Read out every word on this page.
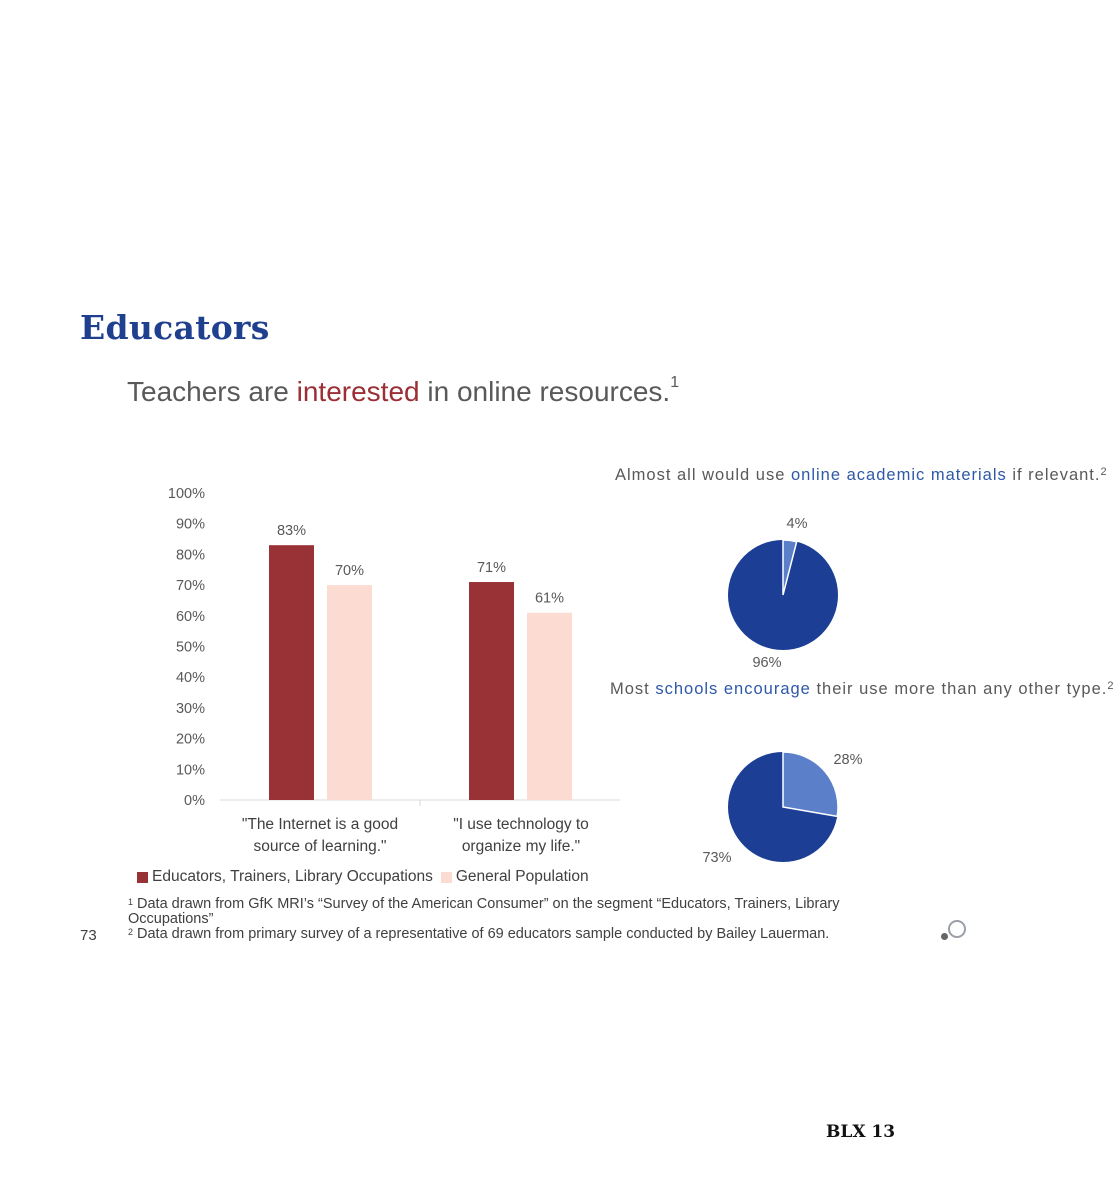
Educators
Teachers are interested in online resources.$^1$
0%
10%
20%
30%
40%
50%
60%
70%
80%
90%
100%
83%
71%
70%
61%
"The Internet is a good
source of learning."
"I use technology to
organize my life."
96%
4%
73%
28%
Almost all would use online academic materials if relevant.$^2$
Most schools encourage their use more than any other type.$^2$
Educators, Trainers, Library Occupations General Population
$^1$ Data drawn from GfK MRI’s “Survey of the American Consumer” on the segment “Educators, Trainers, Library Occupations”
73	$^2$ Data drawn from primary survey of a representative of 69 educators sample conducted by Bailey Lauerman.
BLX 13
